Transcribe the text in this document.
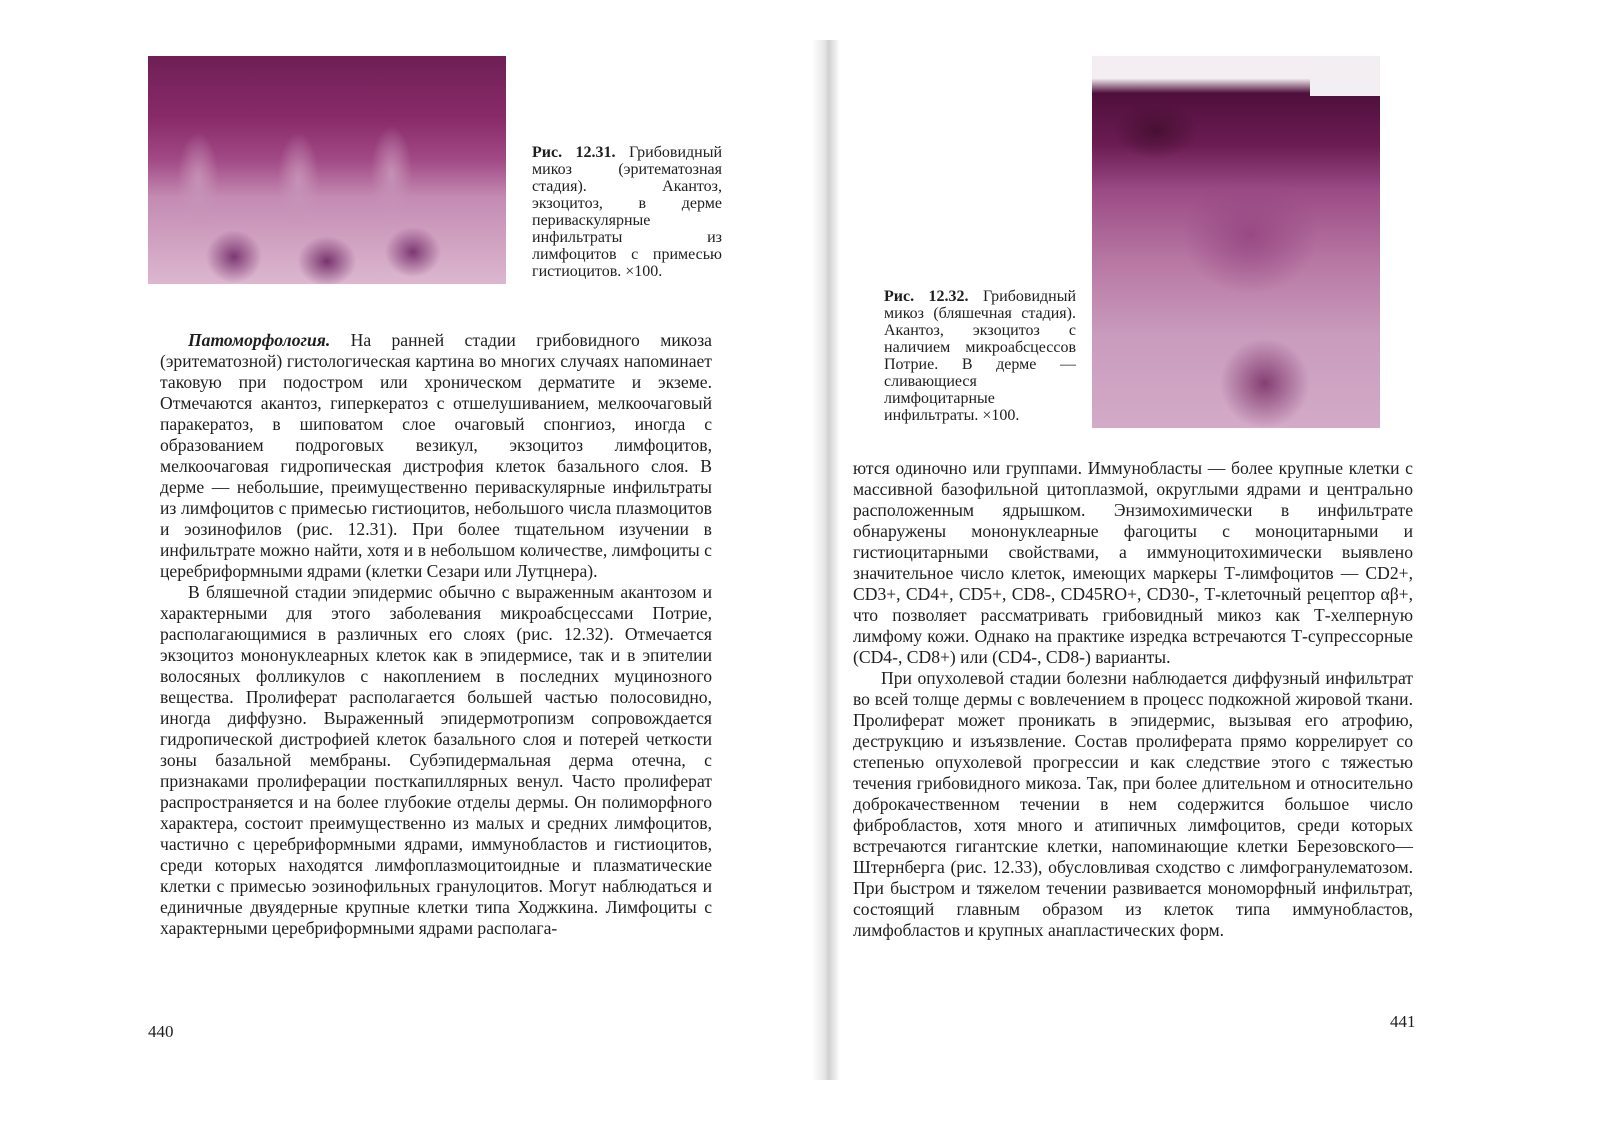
Рис. 12.31. Грибовидный микоз (эритематозная стадия). Акантоз, экзоцитоз, в дерме периваскулярные инфильтраты из лимфоцитов с примесью гистиоцитов. ×100.

Патоморфология. На ранней стадии грибовидного микоза (эритематозной) гистологическая картина во многих случаях напоминает таковую при подостром или хроническом дерматите и экземе. Отмечаются акантоз, гиперкератоз с отшелушиванием, мелкоочаговый паракератоз, в шиповатом слое очаговый спонгиоз, иногда с образованием подроговых везикул, экзоцитоз лимфоцитов, мелкоочаговая гидропическая дистрофия клеток базального слоя. В дерме — небольшие, преимущественно периваскулярные инфильтраты из лимфоцитов с примесью гистиоцитов, небольшого числа плазмоцитов и эозинофилов (рис. 12.31). При более тщательном изучении в инфильтрате можно найти, хотя и в небольшом количестве, лимфоциты с церебриформными ядрами (клетки Сезари или Лутцнера).

В бляшечной стадии эпидермис обычно с выраженным акантозом и характерными для этого заболевания микроабсцессами Потрие, располагающимися в различных его слоях (рис. 12.32). Отмечается экзоцитоз мононуклеарных клеток как в эпидермисе, так и в эпителии волосяных фолликулов с накоплением в последних муцинозного вещества. Пролиферат располагается большей частью полосовидно, иногда диффузно. Выраженный эпидермотропизм сопровождается гидропической дистрофией клеток базального слоя и потерей четкости зоны базальной мембраны. Субэпидермальная дерма отечна, с признаками пролиферации посткапиллярных венул. Часто пролиферат распространяется и на более глубокие отделы дермы. Он полиморфного характера, состоит преимущественно из малых и средних лимфоцитов, частично с церебриформными ядрами, иммунобластов и гистиоцитов, среди которых находятся лимфоплазмоцитоидные и плазматические клетки с примесью эозинофильных гранулоцитов. Могут наблюдаться и единичные двуядерные крупные клетки типа Ходжкина. Лимфоциты с характерными церебриформными ядрами располага-

440
Рис. 12.32. Грибовидный микоз (бляшечная стадия). Акантоз, экзоцитоз с наличием микроабсцессов Потрие. В дерме — сливающиеся лимфоцитарные инфильтраты. ×100.

ются одиночно или группами. Иммунобласты — более крупные клетки с массивной базофильной цитоплазмой, округлыми ядрами и центрально расположенным ядрышком. Энзимохимически в инфильтрате обнаружены мононуклеарные фагоциты с моноцитарными и гистиоцитарными свойствами, а иммуноцитохимически выявлено значительное число клеток, имеющих маркеры Т-лимфоцитов — CD2+, CD3+, CD4+, CD5+, CD8-, CD45RO+, CD30-, Т-клеточный рецептор αβ+, что позволяет рассматривать грибовидный микоз как Т-хелперную лимфому кожи. Однако на практике изредка встречаются Т-супрессорные (CD4-, CD8+) или (CD4-, CD8-) варианты.

При опухолевой стадии болезни наблюдается диффузный инфильтрат во всей толще дермы с вовлечением в процесс подкожной жировой ткани. Пролиферат может проникать в эпидермис, вызывая его атрофию, деструкцию и изъязвление. Состав пролиферата прямо коррелирует со степенью опухолевой прогрессии и как следствие этого с тяжестью течения грибовидного микоза. Так, при более длительном и относительно доброкачественном течении в нем содержится большое число фибробластов, хотя много и атипичных лимфоцитов, среди которых встречаются гигантские клетки, напоминающие клетки Березовского—Штернберга (рис. 12.33), обусловливая сходство с лимфогранулематозом. При быстром и тяжелом течении развивается мономорфный инфильтрат, состоящий главным образом из клеток типа иммунобластов, лимфобластов и крупных анапластических форм.

441
